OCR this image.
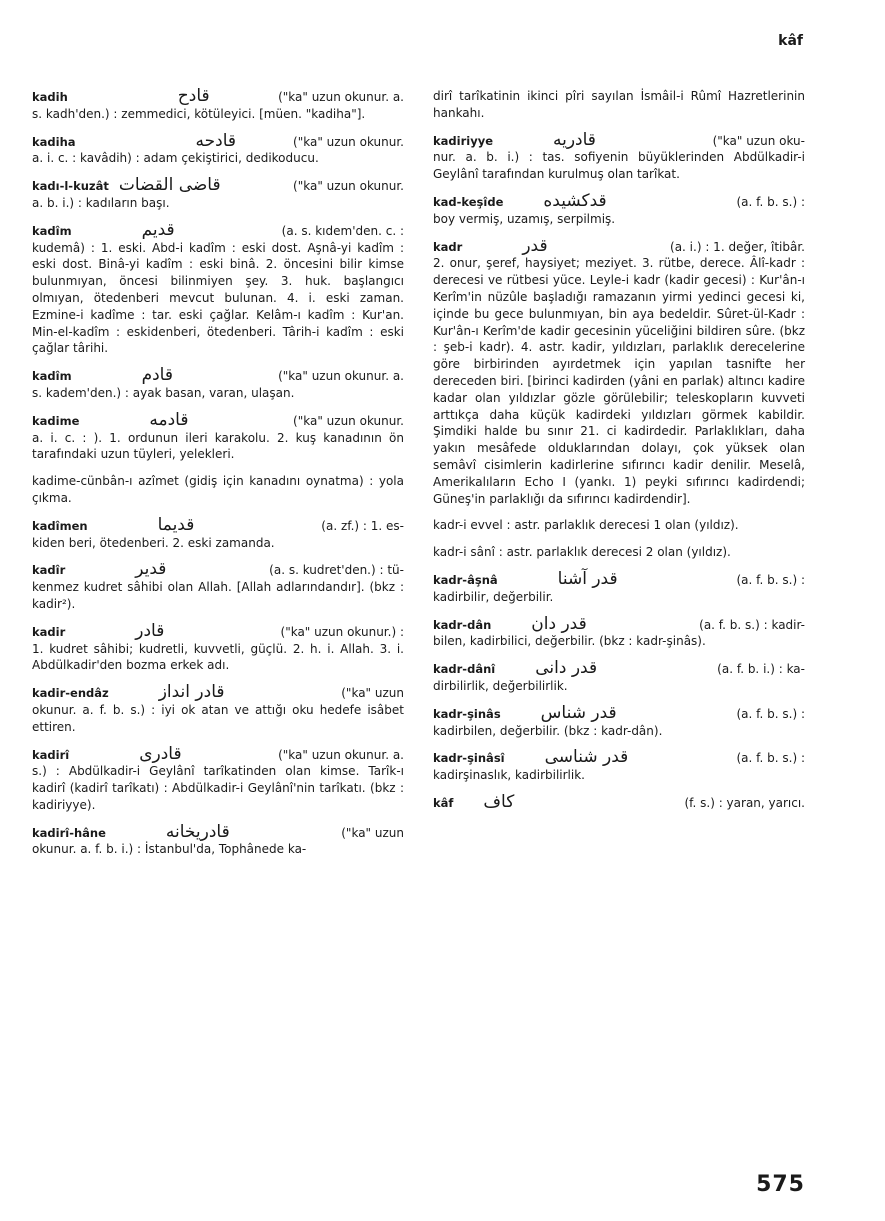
kâf
kadih	قادح	("ka" uzun okunur. a.
s. kadh'den.) : zemmedici, kötüleyici. [müen. "kadiha"].
kadiha	قادحه	("ka" uzun okunur.
a. i. c. : kavâdih) : adam çekiştirici, dedikoducu.
kadı-l-kuzât قاضى القضات	("ka" uzun okunur.
a. b. i.) : kadıların başı.
kadîm	قديم	(a. s. kıdem'den. c. :
kudemâ) : 1. eski. Abd-i kadîm : eski dost. Aşnâ-yi kadîm : eski dost. Binâ-yi kadîm : eski binâ. 2. öncesini bilir kimse bulunmıyan, öncesi bilinmiyen şey. 3. huk. başlangıcı olmıyan, ötedenberi mevcut bulunan. 4. i. eski zaman. Ezmine-i kadîme : tar. eski çağlar. Kelâm-ı kadîm : Kur'an. Min-el-kadîm : eskidenberi, ötedenberi. Târih-i kadîm : eski çağlar târihi.
kadîm	قادم	("ka" uzun okunur. a.
s. kadem'den.) : ayak basan, varan, ulaşan.
kadime	قادمه	("ka" uzun okunur.
a. i. c. : ). 1. ordunun ileri karakolu. 2. kuş kanadının ön tarafındaki uzun tüyleri, yelekleri.
kadime-cünbân-ı azîmet (gidiş için kanadını oynatma) : yola çıkma.
kadîmen	قديما	(a. zf.) : 1. es-
kiden beri, ötedenberi. 2. eski zamanda.
kadîr	قدير	(a. s. kudret'den.) : tü-
kenmez kudret sâhibi olan Allah. [Allah adlarındandır]. (bkz : kadir²).
kadir	قادر	("ka" uzun okunur.) :
1. kudret sâhibi; kudretli, kuvvetli, güçlü. 2. h. i. Allah. 3. i. Abdülkadir'den bozma erkek adı.
kadir-endâz	قادر انداز	("ka" uzun
okunur. a. f. b. s.) : iyi ok atan ve attığı oku hedefe isâbet ettiren.
kadirî	قادرى	("ka" uzun okunur. a.
s.) : Abdülkadir-i Geylânî tarîkatinden olan kimse. Tarîk-ı kadirî (kadirî tarîkatı) : Abdülkadir-i Geylânî'nin tarîkatı. (bkz : kadiriyye).
kadirî-hâne	قادريخانه	("ka" uzun
okunur. a. f. b. i.) : İstanbul'da, Tophânede ka-
dirî tarîkatinin ikinci pîri sayılan İsmâil-i Rûmî Hazretlerinin hankahı.
kadiriyye	قادريه	("ka" uzun oku-
nur. a. b. i.) : tas. sofiyenin büyüklerinden Abdülkadir-i Geylânî tarafından kurulmuş olan tarîkat.
kad-keşîde قدكشيده	(a. f. b. s.) :
boy vermiş, uzamış, serpilmiş.
kadr	قدر	(a. i.) : 1. değer, îtibâr.
2. onur, şeref, haysiyet; meziyet. 3. rütbe, derece. Âlî-kadr : derecesi ve rütbesi yüce. Leyle-i kadr (kadir gecesi) : Kur'ân-ı Kerîm'in nüzûle başladığı ramazanın yirmi yedinci gecesi ki, içinde bu gece bulunmıyan, bin aya bedeldir. Sûret-ül-Kadr : Kur'ân-ı Kerîm'de kadir gecesinin yüceliğini bildiren sûre. (bkz : şeb-i kadr). 4. astr. kadir, yıldızları, parlaklık derecelerine göre birbirinden ayırdetmek için yapılan tasnifte her dereceden biri. [birinci kadirden (yâni en parlak) altıncı kadire kadar olan yıldızlar gözle görülebilir; teleskopların kuvveti arttıkça daha küçük kadirdeki yıldızları görmek kabildir. Şimdiki halde bu sınır 21. ci kadirdedir. Parlaklıkları, daha yakın mesâfede olduklarından dolayı, çok yüksek olan semâvî cisimlerin kadirlerine sıfırıncı kadir denilir. Meselâ, Amerikalıların Echo I (yankı. 1) peyki sıfırıncı kadirdendi; Güneş'in parlaklığı da sıfırıncı kadirdendir].
kadr-i evvel : astr. parlaklık derecesi 1 olan (yıldız).
kadr-i sânî : astr. parlaklık derecesi 2 olan (yıldız).
kadr-âşnâ	قدر آشنا	(a. f. b. s.) :
kadirbilir, değerbilir.
kadr-dân قدر دان	(a. f. b. s.) : kadir-
bilen, kadirbilici, değerbilir. (bkz : kadr-şinâs).
kadr-dânî قدر دانى	(a. f. b. i.) : ka-
dirbilirlik, değerbilirlik.
kadr-şinâs قدر شناس	(a. f. b. s.) :
kadirbilen, değerbilir. (bkz : kadr-dân).
kadr-şinâsî قدر شناسى	(a. f. b. s.) :
kadirşinaslık, kadirbilirlik.
kâf كاف	(f. s.) : yaran, yarıcı.
575
